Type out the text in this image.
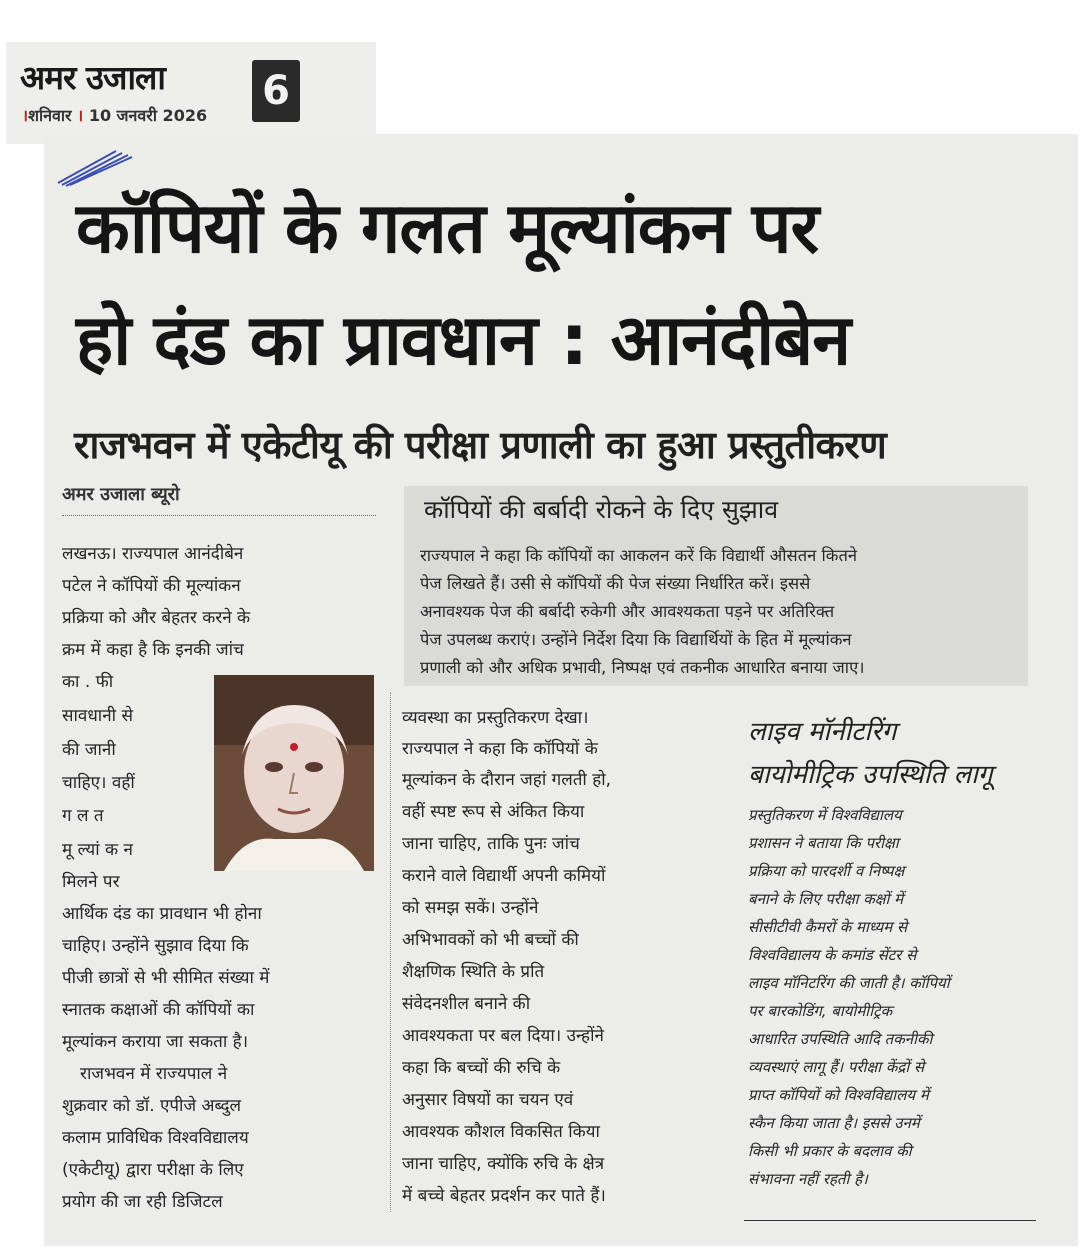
अमर उजाला 6
।शनिवार । 10 जनवरी 2026
कॉपियों के गलत मूल्यांकन पर
हो दंड का प्रावधान : आनंदीबेन
राजभवन में एकेटीयू की परीक्षा प्रणाली का हुआ प्रस्तुतीकरण
अमर उजाला ब्यूरो
कॉपियों की बर्बादी रोकने के दिए सुझाव
राज्यपाल ने कहा कि कॉपियों का आकलन करें कि विद्यार्थी औसतन कितने
पेज लिखते हैं। उसी से कॉपियों की पेज संख्या निर्धारित करें। इससे
अनावश्यक पेज की बर्बादी रुकेगी और आवश्यकता पड़ने पर अतिरिक्त
पेज उपलब्ध कराएं। उन्होंने निर्देश दिया कि विद्यार्थियों के हित में मूल्यांकन
प्रणाली को और अधिक प्रभावी, निष्पक्ष एवं तकनीक आधारित बनाया जाए।
लखनऊ। राज्यपाल आनंदीबेन
पटेल ने कॉपियों की मूल्यांकन
प्रक्रिया को और बेहतर करने के
क्रम में कहा है कि इनकी जांच
का . फी
सावधानी से
की जानी
चाहिए। वहीं
ग ल त
मू ल्यां क न
मिलने पर
आर्थिक दंड का प्रावधान भी होना
चाहिए। उन्होंने सुझाव दिया कि
पीजी छात्रों से भी सीमित संख्या में
स्नातक कक्षाओं की कॉपियों का
मूल्यांकन कराया जा सकता है।
राजभवन में राज्यपाल ने
शुक्रवार को डॉ. एपीजे अब्दुल
कलाम प्राविधिक विश्वविद्यालय
(एकेटीयू) द्वारा परीक्षा के लिए
प्रयोग की जा रही डिजिटल
व्यवस्था का प्रस्तुतिकरण देखा।
राज्यपाल ने कहा कि कॉपियों के
मूल्यांकन के दौरान जहां गलती हो,
वहीं स्पष्ट रूप से अंकित किया
जाना चाहिए, ताकि पुनः जांच
कराने वाले विद्यार्थी अपनी कमियों
को समझ सकें। उन्होंने
अभिभावकों को भी बच्चों की
शैक्षणिक स्थिति के प्रति
संवेदनशील बनाने की
आवश्यकता पर बल दिया। उन्होंने
कहा कि बच्चों की रुचि के
अनुसार विषयों का चयन एवं
आवश्यक कौशल विकसित किया
जाना चाहिए, क्योंकि रुचि के क्षेत्र
में बच्चे बेहतर प्रदर्शन कर पाते हैं।
लाइव मॉनीटरिंग
बायोमीट्रिक उपस्थिति लागू
प्रस्तुतिकरण में विश्वविद्यालय
प्रशासन ने बताया कि परीक्षा
प्रक्रिया को पारदर्शी व निष्पक्ष
बनाने के लिए परीक्षा कक्षों में
सीसीटीवी कैमरों के माध्यम से
विश्वविद्यालय के कमांड सेंटर से
लाइव मॉनिटरिंग की जाती है। कॉपियों
पर बारकोडिंग, बायोमीट्रिक
आधारित उपस्थिति आदि तकनीकी
व्यवस्थाएं लागू हैं। परीक्षा केंद्रों से
प्राप्त कॉपियों को विश्वविद्यालय में
स्कैन किया जाता है। इससे उनमें
किसी भी प्रकार के बदलाव की
संभावना नहीं रहती है।
